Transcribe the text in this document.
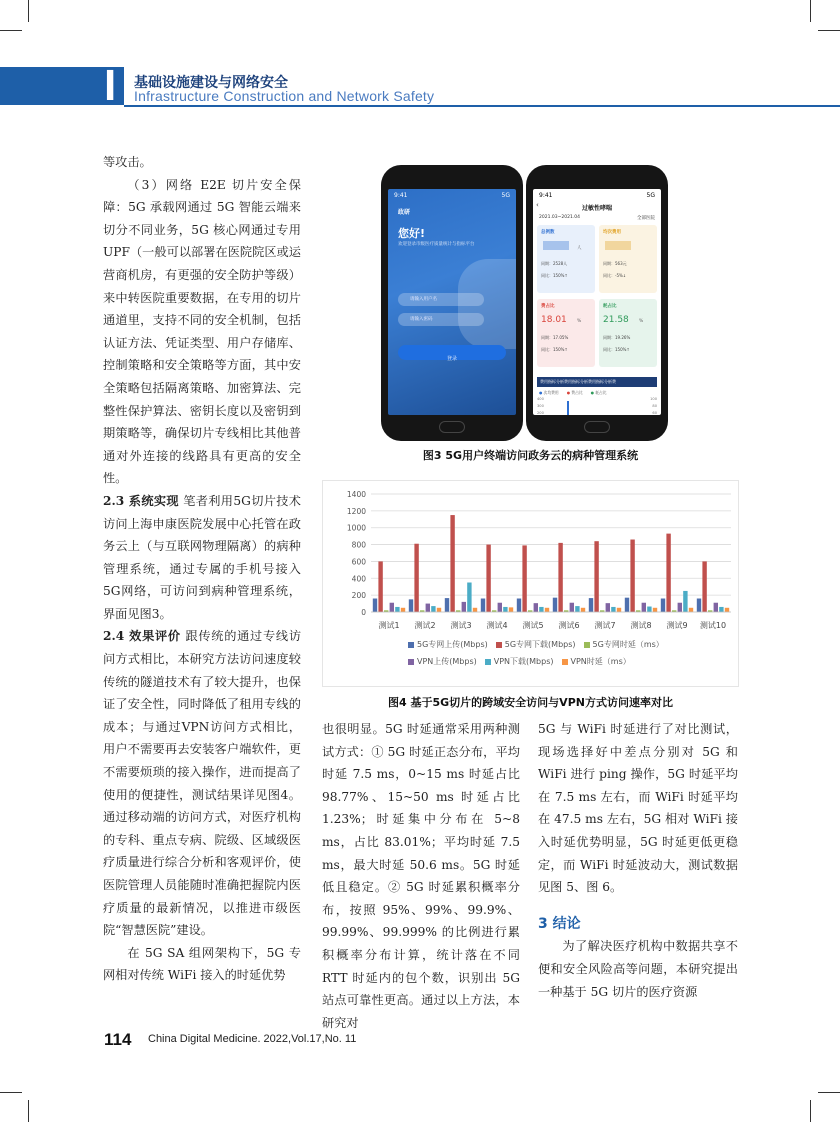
I	基础设施建设与网络安全
Infrastructure Construction and Network Safety

等攻击。

（3）网络 E2E 切片安全保障：5G 承载网通过 5G 智能云端来切分不同业务，5G 核心网通过专用 UPF（一般可以部署在医院院区或运营商机房，有更强的安全防护等级）来中转医院重要数据，在专用的切片通道里，支持不同的安全机制，包括认证方法、凭证类型、用户存储库、控制策略和安全策略等方面，其中安全策略包括隔离策略、加密算法、完整性保护算法、密钥长度以及密钥到期策略等，确保切片专线相比其他普通对外连接的线路具有更高的安全性。

2.3 系统实现 笔者利用5G切片技术访问上海申康医院发展中心托管在政务云上（与互联网物理隔离）的病种管理系统，通过专属的手机号接入5G网络，可访问到病种管理系统，界面见图3。

2.4 效果评价 跟传统的通过专线访问方式相比，本研究方法访问速度较传统的隧道技术有了较大提升，也保证了安全性，同时降低了租用专线的成本；与通过VPN访问方式相比，用户不需要再去安装客户端软件，更不需要烦琐的接入操作，进而提高了使用的便捷性，测试结果详见图4。通过移动端的访问方式，对医疗机构的专科、重点专病、院级、区域级医疗质量进行综合分析和客观评价，使医院管理人员能随时准确把握院内医疗质量的最新情况，以推进市级医院“智慧医院”建设。

在 5G SA 组网架构下，5G 专网相对传统 WiFi 接入的时延优势

9:41	5G
政研
您好!
欢迎登录市级医疗质量统计与指标平台
请输入用户名
请输入密码
登录
9:41	5G
‹	过敏性哮喘
2021.03~2021.04	全部医院
总例数
人
同期：2528人
同比：150%↑
均次费用
同期：563元
同比：-5%↓
费占比
18.01 %
同期：17.05%
同比：150%↑
耗占比
21.58 %
同期：19.26%
同比：150%↑
费用指标分析费用指标分析费用指标分析费
● 次均费用 ● 费占比 ● 耗占比
400
300
200
100
80
60
图3 5G用户终端访问政务云的病种管理系统
0
200
400
600
800
1000
1200
1400
测试1 测试2 测试3 测试4 测试5 测试6 测试7 测试8 测试9 测试10
5G专网上传(Mbps) 5G专网下载(Mbps) 5G专网时延（ms）
VPN上传(Mbps) VPN下载(Mbps) VPN时延（ms）
图4 基于5G切片的跨域安全访问与VPN方式访问速率对比

也很明显。5G 时延通常采用两种测试方式：① 5G 时延正态分布，平均时延 7.5 ms，0~15 ms 时延占比 98.77%、15~50 ms 时延占比 1.23%；时延集中分布在 5~8 ms，占比 83.01%；平均时延 7.5 ms，最大时延 50.6 ms。5G 时延低且稳定。② 5G 时延累积概率分布，按照 95%、99%、99.9%、99.99%、99.999% 的比例进行累积概率分布计算，统计落在不同 RTT 时延内的包个数，识别出 5G 站点可靠性更高。通过以上方法，本研究对

5G 与 WiFi 时延进行了对比测试，现场选择好中差点分别对 5G 和 WiFi 进行 ping 操作，5G 时延平均在 7.5 ms 左右，而 WiFi 时延平均在 47.5 ms 左右，5G 相对 WiFi 接入时延优势明显，5G 时延更低更稳定，而 WiFi 时延波动大，测试数据见图 5、图 6。

3 结论

为了解决医疗机构中数据共享不便和安全风险高等问题，本研究提出一种基于 5G 切片的医疗资源

114 China Digital Medicine. 2022,Vol.17,No. 11
